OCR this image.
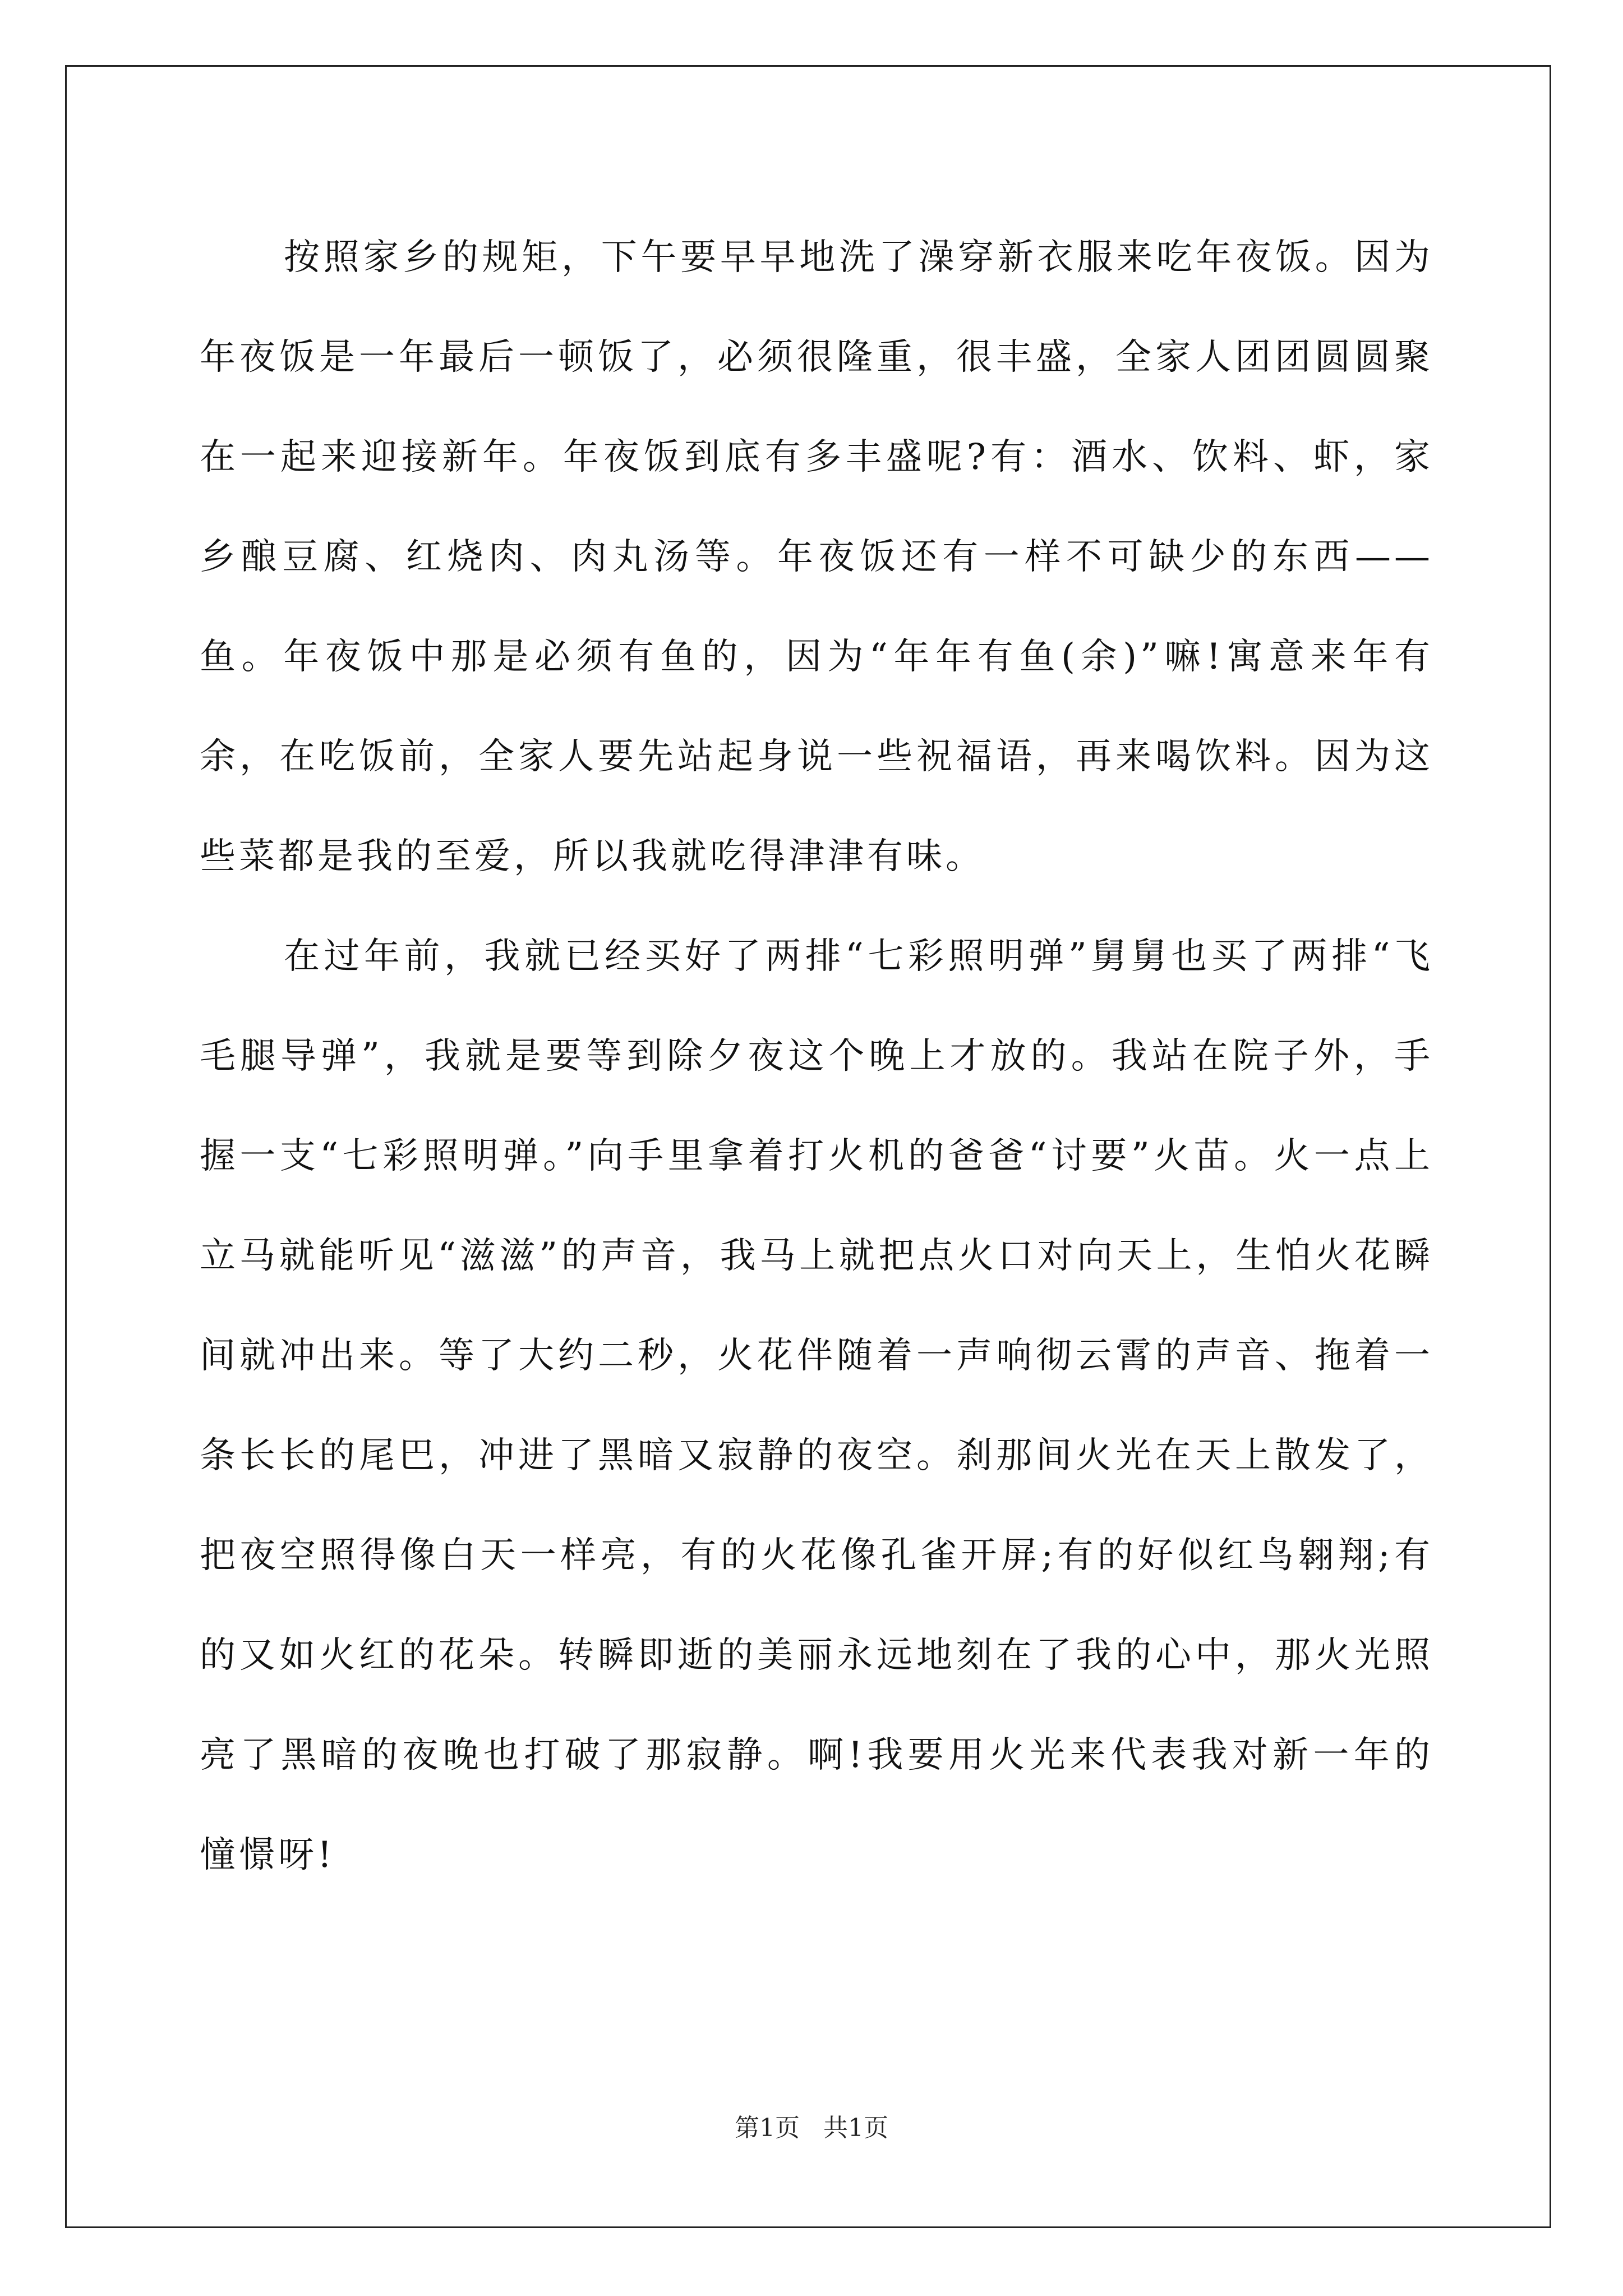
按照家乡的规矩，下午要早早地洗了澡穿新衣服来吃年夜饭。因为年夜饭是一年最后一顿饭了，必须很隆重，很丰盛，全家人团团圆圆聚在一起来迎接新年。年夜饭到底有多丰盛呢?有：酒水、饮料、虾，家乡酿豆腐、红烧肉、肉丸汤等。年夜饭还有一样不可缺少的东西——鱼。年夜饭中那是必须有鱼的，因为“年年有鱼(余)”嘛!寓意来年有余，在吃饭前，全家人要先站起身说一些祝福语，再来喝饮料。因为这些菜都是我的至爱，所以我就吃得津津有味。

在过年前，我就已经买好了两排“七彩照明弹”舅舅也买了两排“飞毛腿导弹”，我就是要等到除夕夜这个晚上才放的。我站在院子外，手握一支“七彩照明弹。”向手里拿着打火机的爸爸“讨要”火苗。火一点上立马就能听见“滋滋”的声音，我马上就把点火口对向天上，生怕火花瞬间就冲出来。等了大约二秒，火花伴随着一声响彻云霄的声音、拖着一条长长的尾巴，冲进了黑暗又寂静的夜空。刹那间火光在天上散发了，把夜空照得像白天一样亮，有的火花像孔雀开屏;有的好似红鸟翱翔;有的又如火红的花朵。转瞬即逝的美丽永远地刻在了我的心中，那火光照亮了黑暗的夜晚也打破了那寂静。啊!我要用火光来代表我对新一年的憧憬呀!

第1页 共1页
